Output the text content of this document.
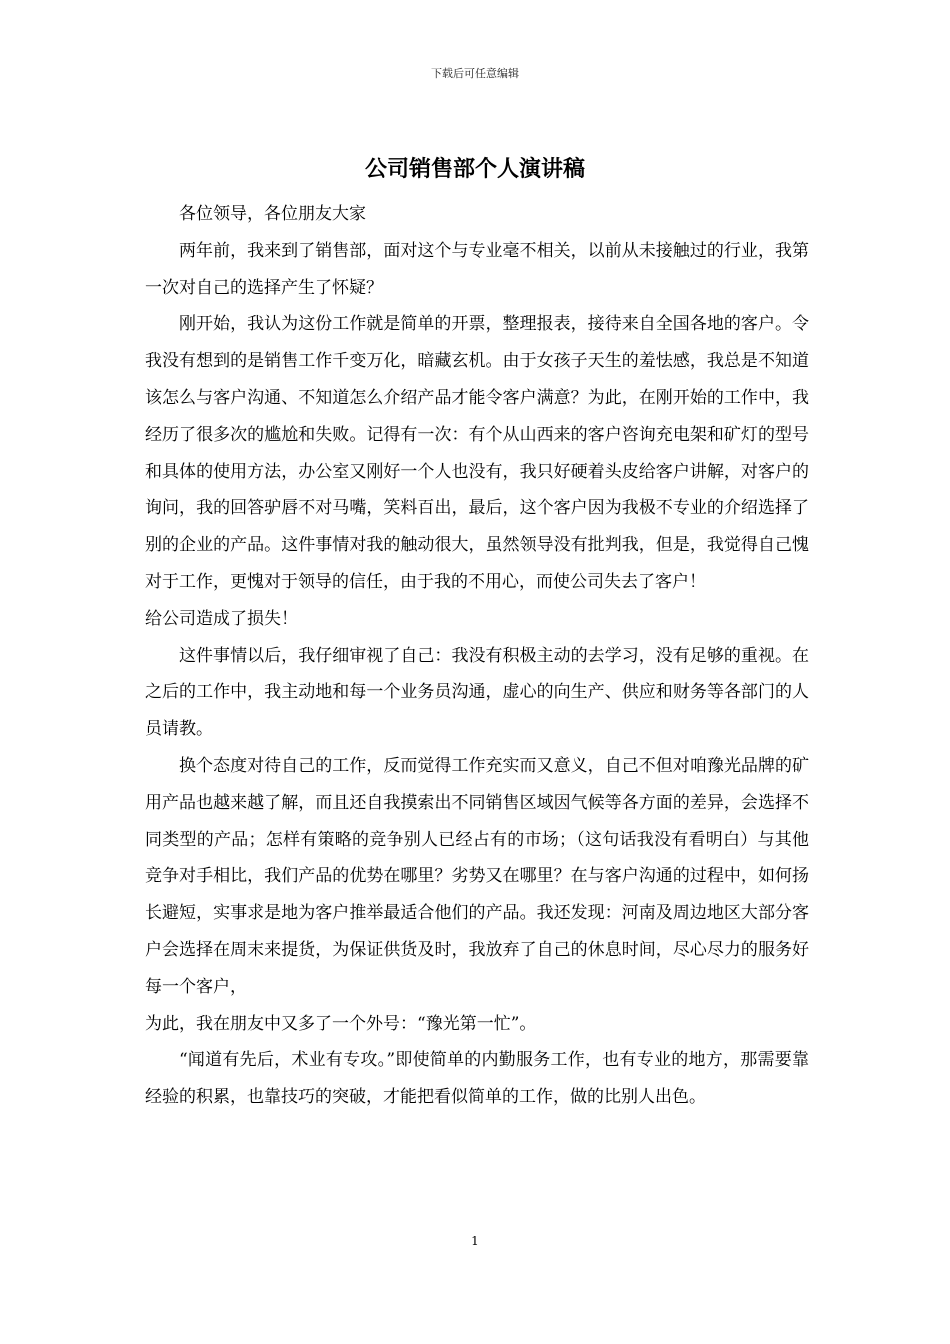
下载后可任意编辑
公司销售部个人演讲稿

各位领导，各位朋友大家

两年前，我来到了销售部，面对这个与专业毫不相关，以前从未接触过的行业，我第一次对自己的选择产生了怀疑？

刚开始，我认为这份工作就是简单的开票，整理报表，接待来自全国各地的客户。令我没有想到的是销售工作千变万化，暗藏玄机。由于女孩子天生的羞怯感，我总是不知道该怎么与客户沟通、不知道怎么介绍产品才能令客户满意？为此，在刚开始的工作中，我经历了很多次的尴尬和失败。记得有一次：有个从山西来的客户咨询充电架和矿灯的型号和具体的使用方法，办公室又刚好一个人也没有，我只好硬着头皮给客户讲解，对客户的询问，我的回答驴唇不对马嘴，笑料百出，最后，这个客户因为我极不专业的介绍选择了别的企业的产品。这件事情对我的触动很大，虽然领导没有批判我，但是，我觉得自己愧对于工作，更愧对于领导的信任，由于我的不用心，而使公司失去了客户！

给公司造成了损失！

这件事情以后，我仔细审视了自己：我没有积极主动的去学习，没有足够的重视。在之后的工作中，我主动地和每一个业务员沟通，虚心的向生产、供应和财务等各部门的人员请教。

换个态度对待自己的工作，反而觉得工作充实而又意义，自己不但对咱豫光品牌的矿用产品也越来越了解，而且还自我摸索出不同销售区域因气候等各方面的差异，会选择不同类型的产品；怎样有策略的竞争别人已经占有的市场；（这句话我没有看明白）与其他竞争对手相比，我们产品的优势在哪里？劣势又在哪里？在与客户沟通的过程中，如何扬长避短，实事求是地为客户推举最适合他们的产品。我还发现：河南及周边地区大部分客户会选择在周末来提货，为保证供货及时，我放弃了自己的休息时间，尽心尽力的服务好每一个客户，

为此，我在朋友中又多了一个外号：“豫光第一忙”。

“闻道有先后，术业有专攻。”即使简单的内勤服务工作，也有专业的地方，那需要靠经验的积累，也靠技巧的突破，才能把看似简单的工作，做的比别人出色。

1
